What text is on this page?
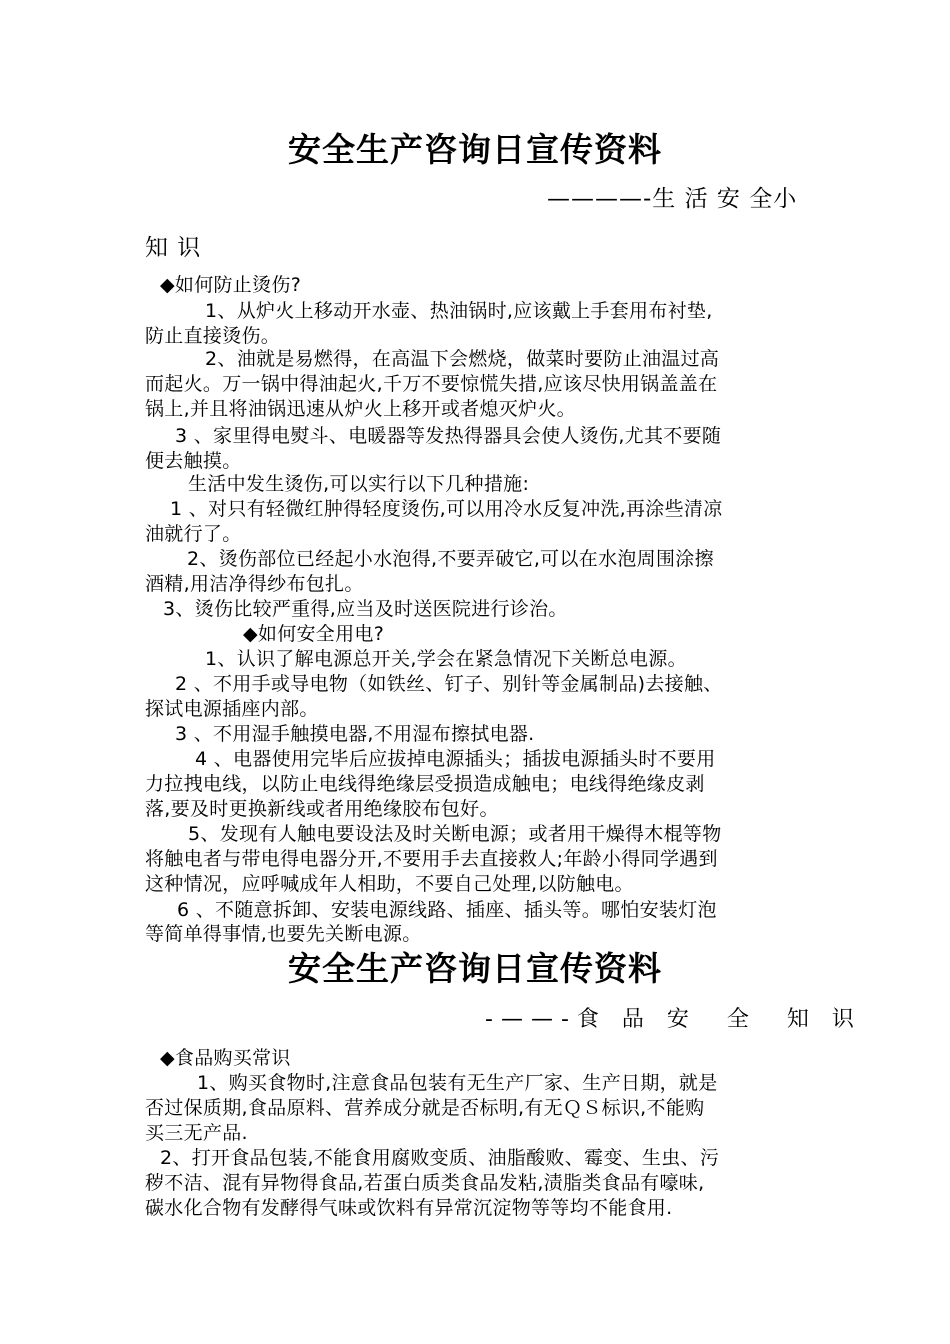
安全生产咨询日宣传资料

————-生 活 安 全小

知 识

◆如何防止烫伤?

1、从炉火上移动开水壶、热油锅时,应该戴上手套用布衬垫,

防止直接烫伤。

2、油就是易燃得，在高温下会燃烧，做菜时要防止油温过高

而起火。万一锅中得油起火,千万不要惊慌失措,应该尽快用锅盖盖在

锅上,并且将油锅迅速从炉火上移开或者熄灭炉火。

3 、家里得电熨斗、电暖器等发热得器具会使人烫伤,尤其不要随

便去触摸。

生活中发生烫伤,可以实行以下几种措施:

1 、对只有轻微红肿得轻度烫伤,可以用冷水反复冲洗,再涂些清凉

油就行了。

2、烫伤部位已经起小水泡得,不要弄破它,可以在水泡周围涂擦

酒精,用洁净得纱布包扎。

3、烫伤比较严重得,应当及时送医院进行诊治。

◆如何安全用电?

1、认识了解电源总开关,学会在紧急情况下关断总电源。

2 、不用手或导电物（如铁丝、钉子、别针等金属制品)去接触、

探试电源插座内部。

3 、不用湿手触摸电器,不用湿布擦拭电器.

4 、电器使用完毕后应拔掉电源插头；插拔电源插头时不要用

力拉拽电线，以防止电线得绝缘层受损造成触电；电线得绝缘皮剥

落,要及时更换新线或者用绝缘胶布包好。

5、发现有人触电要设法及时关断电源；或者用干燥得木棍等物

将触电者与带电得电器分开,不要用手去直接救人;年龄小得同学遇到

这种情况，应呼喊成年人相助，不要自己处理,以防触电。

6 、不随意拆卸、安装电源线路、插座、插头等。哪怕安装灯泡

等简单得事情,也要先关断电源。

安全生产咨询日宣传资料

-——-食 品 安  全  知 识

◆食品购买常识

1、购买食物时,注意食品包装有无生产厂家、生产日期，就是

否过保质期,食品原料、营养成分就是否标明,有无ＱＳ标识,不能购

买三无产品.

2、打开食品包装,不能食用腐败变质、油脂酸败、霉变、生虫、污

秽不洁、混有异物得食品,若蛋白质类食品发粘,渍脂类食品有嚎味,

碳水化合物有发酵得气味或饮料有异常沉淀物等等均不能食用.
